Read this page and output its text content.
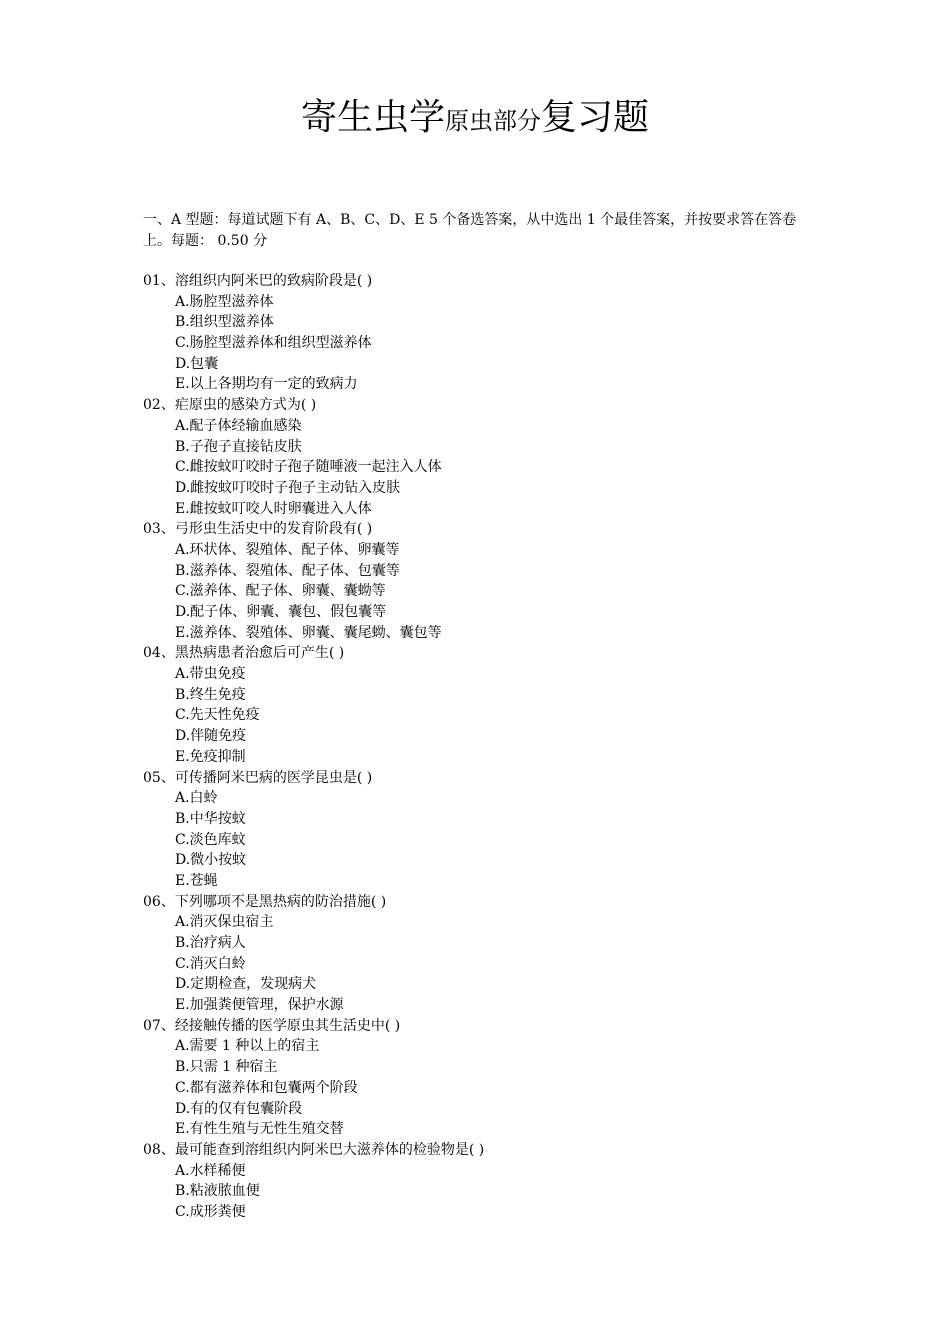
寄生虫学原虫部分复习题
一、A 型题：每道试题下有 A、B、C、D、E 5 个备选答案，从中选出 1 个最佳答案，并按要求答在答卷上。每题： 0.50 分
01、溶组织内阿米巴的致病阶段是( )
A.肠腔型滋养体
B.组织型滋养体
C.肠腔型滋养体和组织型滋养体
D.包囊
E.以上各期均有一定的致病力
02、疟原虫的感染方式为( )
A.配子体经输血感染
B.子孢子直接钻皮肤
C.雌按蚊叮咬时子孢子随唾液一起注入人体
D.雌按蚊叮咬时子孢子主动钻入皮肤
E.雌按蚊叮咬人时卵囊进入人体
03、弓形虫生活史中的发育阶段有( )
A.环状体、裂殖体、配子体、卵囊等
B.滋养体、裂殖体、配子体、包囊等
C.滋养体、配子体、卵囊、囊蚴等
D.配子体、卵囊、囊包、假包囊等
E.滋养体、裂殖体、卵囊、囊尾蚴、囊包等
04、黑热病患者治愈后可产生( )
A.带虫免疫
B.终生免疫
C.先天性免疫
D.伴随免疫
E.免疫抑制
05、可传播阿米巴病的医学昆虫是( )
A.白蛉
B.中华按蚊
C.淡色库蚊
D.微小按蚊
E.苍蝇
06、下列哪项不是黑热病的防治措施( )
A.消灭保虫宿主
B.治疗病人
C.消灭白蛉
D.定期检查，发现病犬
E.加强粪便管理，保护水源
07、经接触传播的医学原虫其生活史中( )
A.需要 1 种以上的宿主
B.只需 1 种宿主
C.都有滋养体和包囊两个阶段
D.有的仅有包囊阶段
E.有性生殖与无性生殖交替
08、最可能查到溶组织内阿米巴大滋养体的检验物是( )
A.水样稀便
B.粘液脓血便
C.成形粪便
